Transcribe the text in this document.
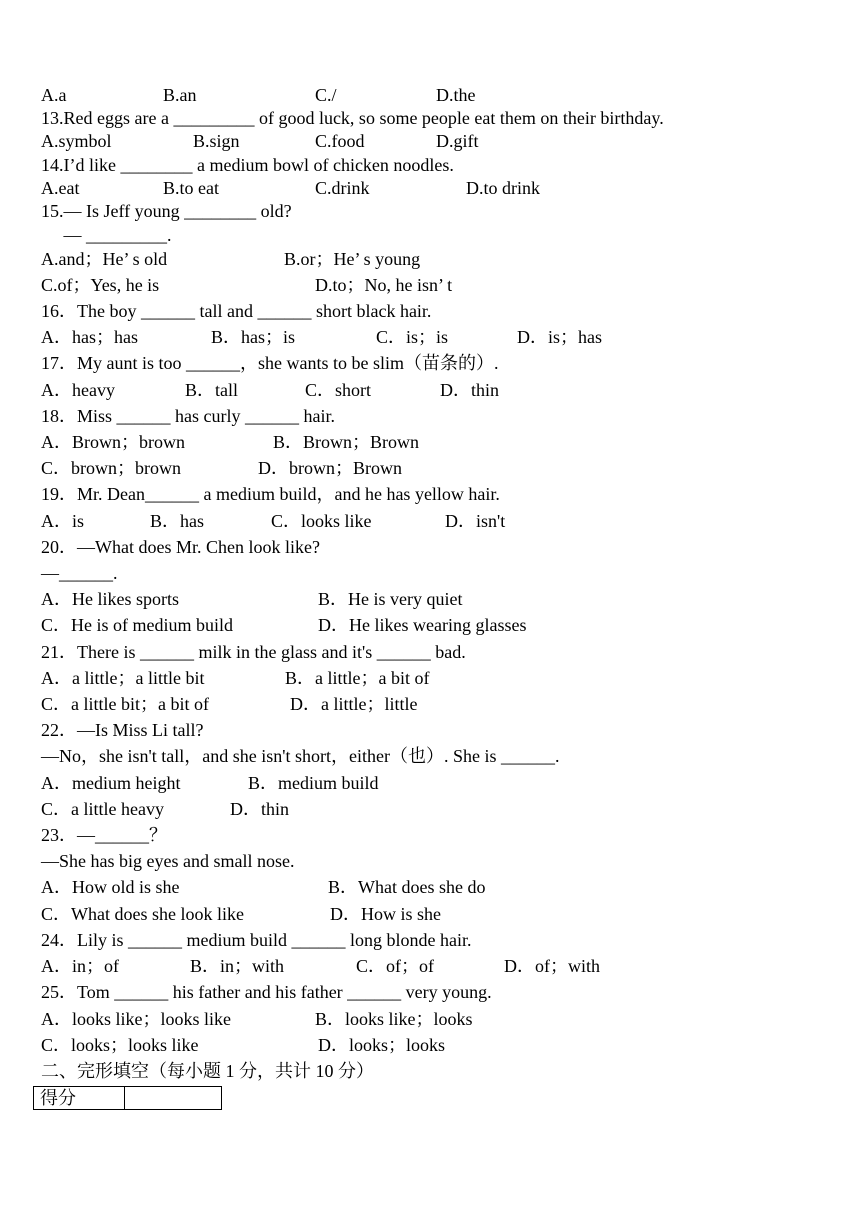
A.a	B.an	C./	D.the
13.Red eggs are a _________ of good luck, so some people eat them on their birthday.
A.symbol	B.sign	C.food	D.gift
14.I’d like ________ a medium bowl of chicken noodles.
A.eat	B.to eat	C.drink	D.to drink
15.— Is Jeff young ________ old?
— _________.
A.and；He’ s old	B.or；He’ s young
C.of；Yes, he is	D.to；No, he isn’ t
16．The boy ______ tall and ______ short black hair.
A．has；has	B．has；is	C．is；is	D．is；has
17．My aunt is too ______，she wants to be slim（苗条的）.
A．heavy	B．tall	C．short	D．thin
18．Miss ______ has curly ______ hair.
A．Brown；brown	B．Brown；Brown
C．brown；brown	D．brown；Brown
19．Mr. Dean______ a medium build，and he has yellow hair.
A．is	B．has	C．looks like	D．isn't
20．—What does Mr. Chen look like?
—______.
A．He likes sports	B．He is very quiet
C．He is of medium build	D．He likes wearing glasses
21．There is ______ milk in the glass and it's ______ bad.
A．a little；a little bit	B．a little；a bit of
C．a little bit；a bit of	D．a little；little
22．—Is Miss Li tall?
—No，she isn't tall，and she isn't short，either（也）. She is ______.
A．medium height	B．medium build
C．a little heavy	D．thin
23．—______？
—She has big eyes and small nose.
A．How old is she	B．What does she do
C．What does she look like	D．How is she
24．Lily is ______ medium build ______ long blonde hair.
A．in；of	B．in；with	C．of；of	D．of；with
25．Tom ______ his father and his father ______ very young.
A．looks like；looks like	B．looks like；looks
C．looks；looks like	D．looks；looks
二、完形填空（每小题 1 分，共计 10 分）
得分	
